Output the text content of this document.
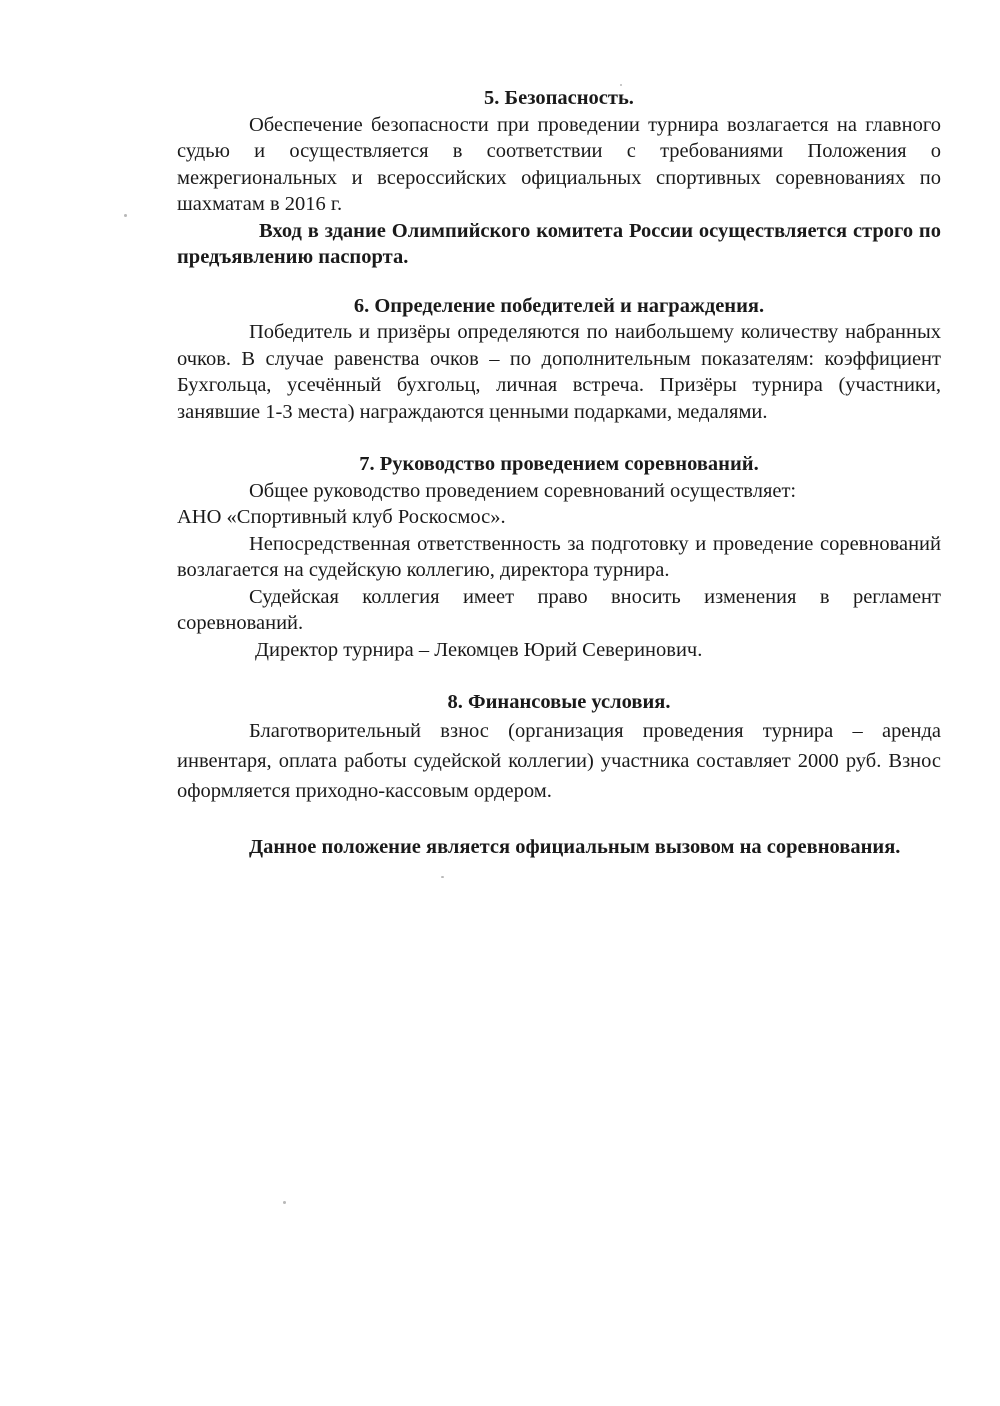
5. Безопасность.

Обеспечение безопасности при проведении турнира возлагается на главного судью и осуществляется в соответствии с требованиями Положения о межрегиональных и всероссийских официальных спортивных соревнованиях по шахматам в 2016 г.

Вход в здание Олимпийского комитета России осуществляется строго по предъявлению паспорта.

6. Определение победителей и награждения.

Победитель и призёры определяются по наибольшему количеству набранных очков. В случае равенства очков – по дополнительным показателям: коэффициент Бухгольца, усечённый бухгольц, личная встреча. Призёры турнира (участники, занявшие 1-3 места) награждаются ценными подарками, медалями.

7. Руководство проведением соревнований.

Общее руководство проведением соревнований осуществляет:

АНО «Спортивный клуб Роскосмос».

Непосредственная ответственность за подготовку и проведение соревнований возлагается на судейскую коллегию, директора турнира.

Судейская коллегия имеет право вносить изменения в регламент соревнований.

Директор турнира – Лекомцев Юрий Северинович.

8. Финансовые условия.

Благотворительный взнос (организация проведения турнира – аренда инвентаря, оплата работы судейской коллегии) участника составляет 2000 руб. Взнос оформляется приходно-кассовым ордером.

Данное положение является официальным вызовом на соревнования.
